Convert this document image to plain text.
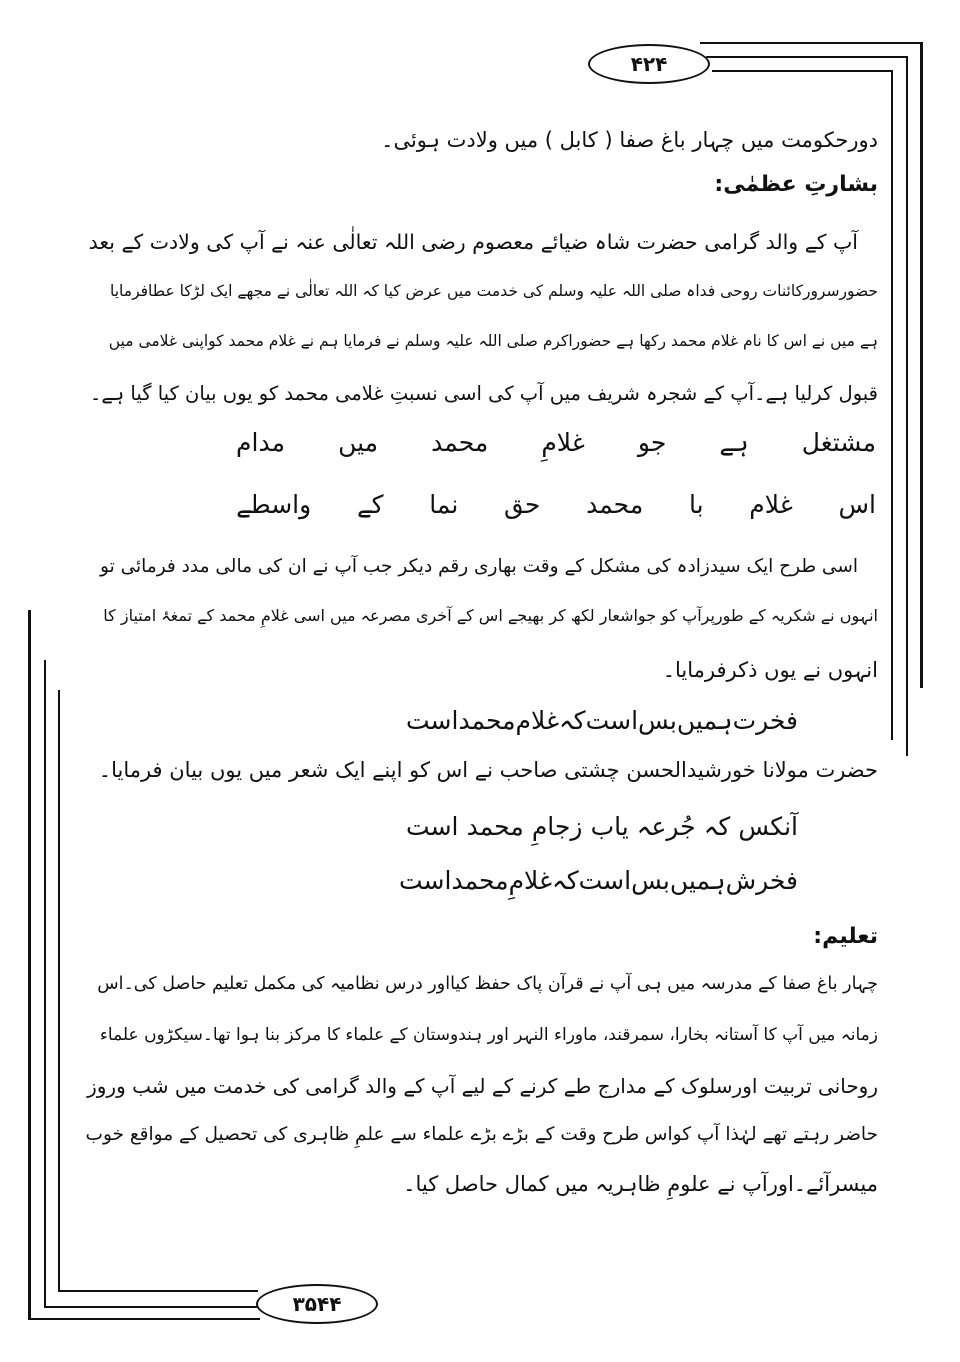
۴۲۴
۳۵۴۴
دورحکومت میں چہار باغ صفا ( کابل ) میں ولادت ہوئی۔
بشارتِ عظمٰی:
آپ کے والد گرامی حضرت شاہ ضیائے معصوم رضی اللہ تعالٰی عنہ نے آپ کی ولادت کے بعد
حضورسرورکائنات روحی فداہ صلی اللہ علیہ وسلم کی خدمت میں عرض کیا کہ اللہ تعالٰی نے مجھے ایک لڑکا عطافرمایا
ہے میں نے اس کا نام غلام محمد رکھا ہے حضوراکرم صلی اللہ علیہ وسلم نے فرمایا ہم نے غلام محمد کواپنی غلامی میں
قبول کرلیا ہے۔آپ کے شجرہ شریف میں آپ کی اسی نسبتِ غلامی محمد کو یوں بیان کیا گیا ہے۔
مشتغل
ہے
جو
غلامِ
محمد
میں
مدام
اس
غلام
با
محمد
حق
نما
کے
واسطے
اسی طرح ایک سیدزادہ کی مشکل کے وقت بھاری رقم دیکر جب آپ نے ان کی مالی مدد فرمائی تو
انہوں نے شکریہ کے طورپرآپ کو جواشعار لکھ کر بھیجے اس کے آخری مصرعہ میں اسی غلامِ محمد کے تمغۂ امتیاز کا
انہوں نے یوں ذکرفرمایا۔
فخرت
ہمیں
بس
است
کہ
غلام
محمد
است
حضرت مولانا خورشیدالحسن چشتی صاحب نے اس کو اپنے ایک شعر میں یوں بیان فرمایا۔
آنکس
کہ
جُرعہ
یاب
زجامِ
محمد
است
فخرش
ہمیں
بس
است
کہ
غلامِ
محمد
است
تعلیم:
چہار باغ صفا کے مدرسہ میں ہی آپ نے قرآن پاک حفظ کیااور درس نظامیہ کی مکمل تعلیم حاصل کی۔اس
زمانہ میں آپ کا آستانہ بخارا، سمرقند، ماوراء النہر اور ہندوستان کے علماء کا مرکز بنا ہوا تھا۔سیکڑوں علماء
روحانی تربیت اورسلوک کے مدارج طے کرنے کے لیے آپ کے والد گرامی کی خدمت میں شب وروز
حاضر رہتے تھے لہٰذا آپ کواس طرح وقت کے بڑے بڑے علماء سے علمِ ظاہری کی تحصیل کے مواقع خوب
میسرآئے۔اورآپ نے علومِ ظاہریہ میں کمال حاصل کیا۔
